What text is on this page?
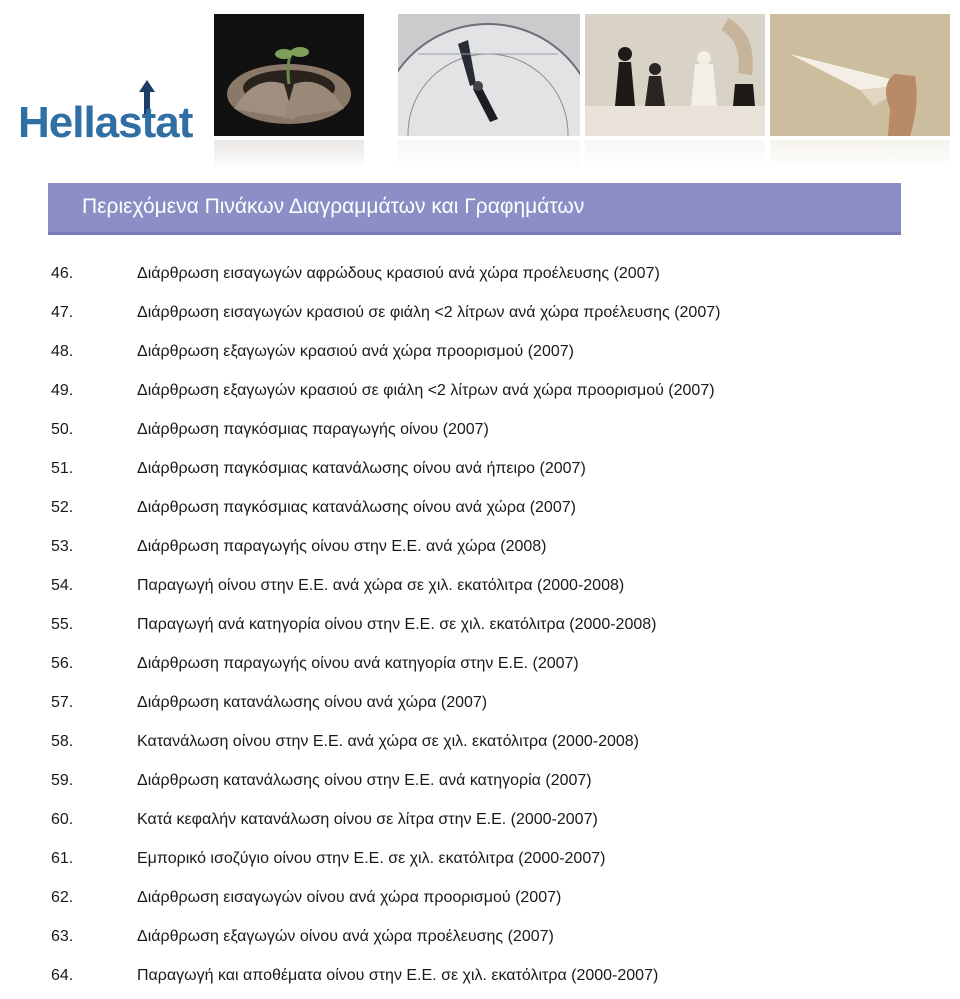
Hellastat
Περιεχόμενα Πινάκων Διαγραμμάτων και Γραφημάτων
46.	Διάρθρωση εισαγωγών αφρώδους κρασιού ανά χώρα προέλευσης (2007)
47.	Διάρθρωση εισαγωγών κρασιού σε φιάλη <2 λίτρων ανά χώρα προέλευσης (2007)
48.	Διάρθρωση εξαγωγών κρασιού ανά χώρα προορισμού (2007)
49.	Διάρθρωση εξαγωγών κρασιού σε φιάλη <2 λίτρων ανά χώρα προορισμού (2007)
50.	Διάρθρωση παγκόσμιας παραγωγής οίνου (2007)
51.	Διάρθρωση παγκόσμιας κατανάλωσης οίνου ανά ήπειρο (2007)
52.	Διάρθρωση παγκόσμιας κατανάλωσης οίνου ανά χώρα (2007)
53.	Διάρθρωση παραγωγής οίνου στην Ε.Ε. ανά χώρα (2008)
54.	Παραγωγή οίνου στην Ε.Ε. ανά χώρα σε χιλ. εκατόλιτρα (2000-2008)
55.	Παραγωγή ανά κατηγορία οίνου στην Ε.Ε. σε χιλ. εκατόλιτρα (2000-2008)
56.	Διάρθρωση παραγωγής οίνου ανά κατηγορία στην Ε.Ε. (2007)
57.	Διάρθρωση κατανάλωσης οίνου ανά χώρα (2007)
58.	Κατανάλωση οίνου στην Ε.Ε. ανά χώρα σε χιλ. εκατόλιτρα (2000-2008)
59.	Διάρθρωση κατανάλωσης οίνου στην Ε.Ε. ανά κατηγορία (2007)
60.	Κατά κεφαλήν κατανάλωση οίνου σε λίτρα στην Ε.Ε. (2000-2007)
61.	Εμπορικό ισοζύγιο οίνου στην Ε.Ε. σε χιλ. εκατόλιτρα (2000-2007)
62.	Διάρθρωση εισαγωγών οίνου ανά χώρα προορισμού (2007)
63.	Διάρθρωση εξαγωγών οίνου ανά χώρα προέλευσης (2007)
64.	Παραγωγή και αποθέματα οίνου στην Ε.Ε. σε χιλ. εκατόλιτρα (2000-2007)
